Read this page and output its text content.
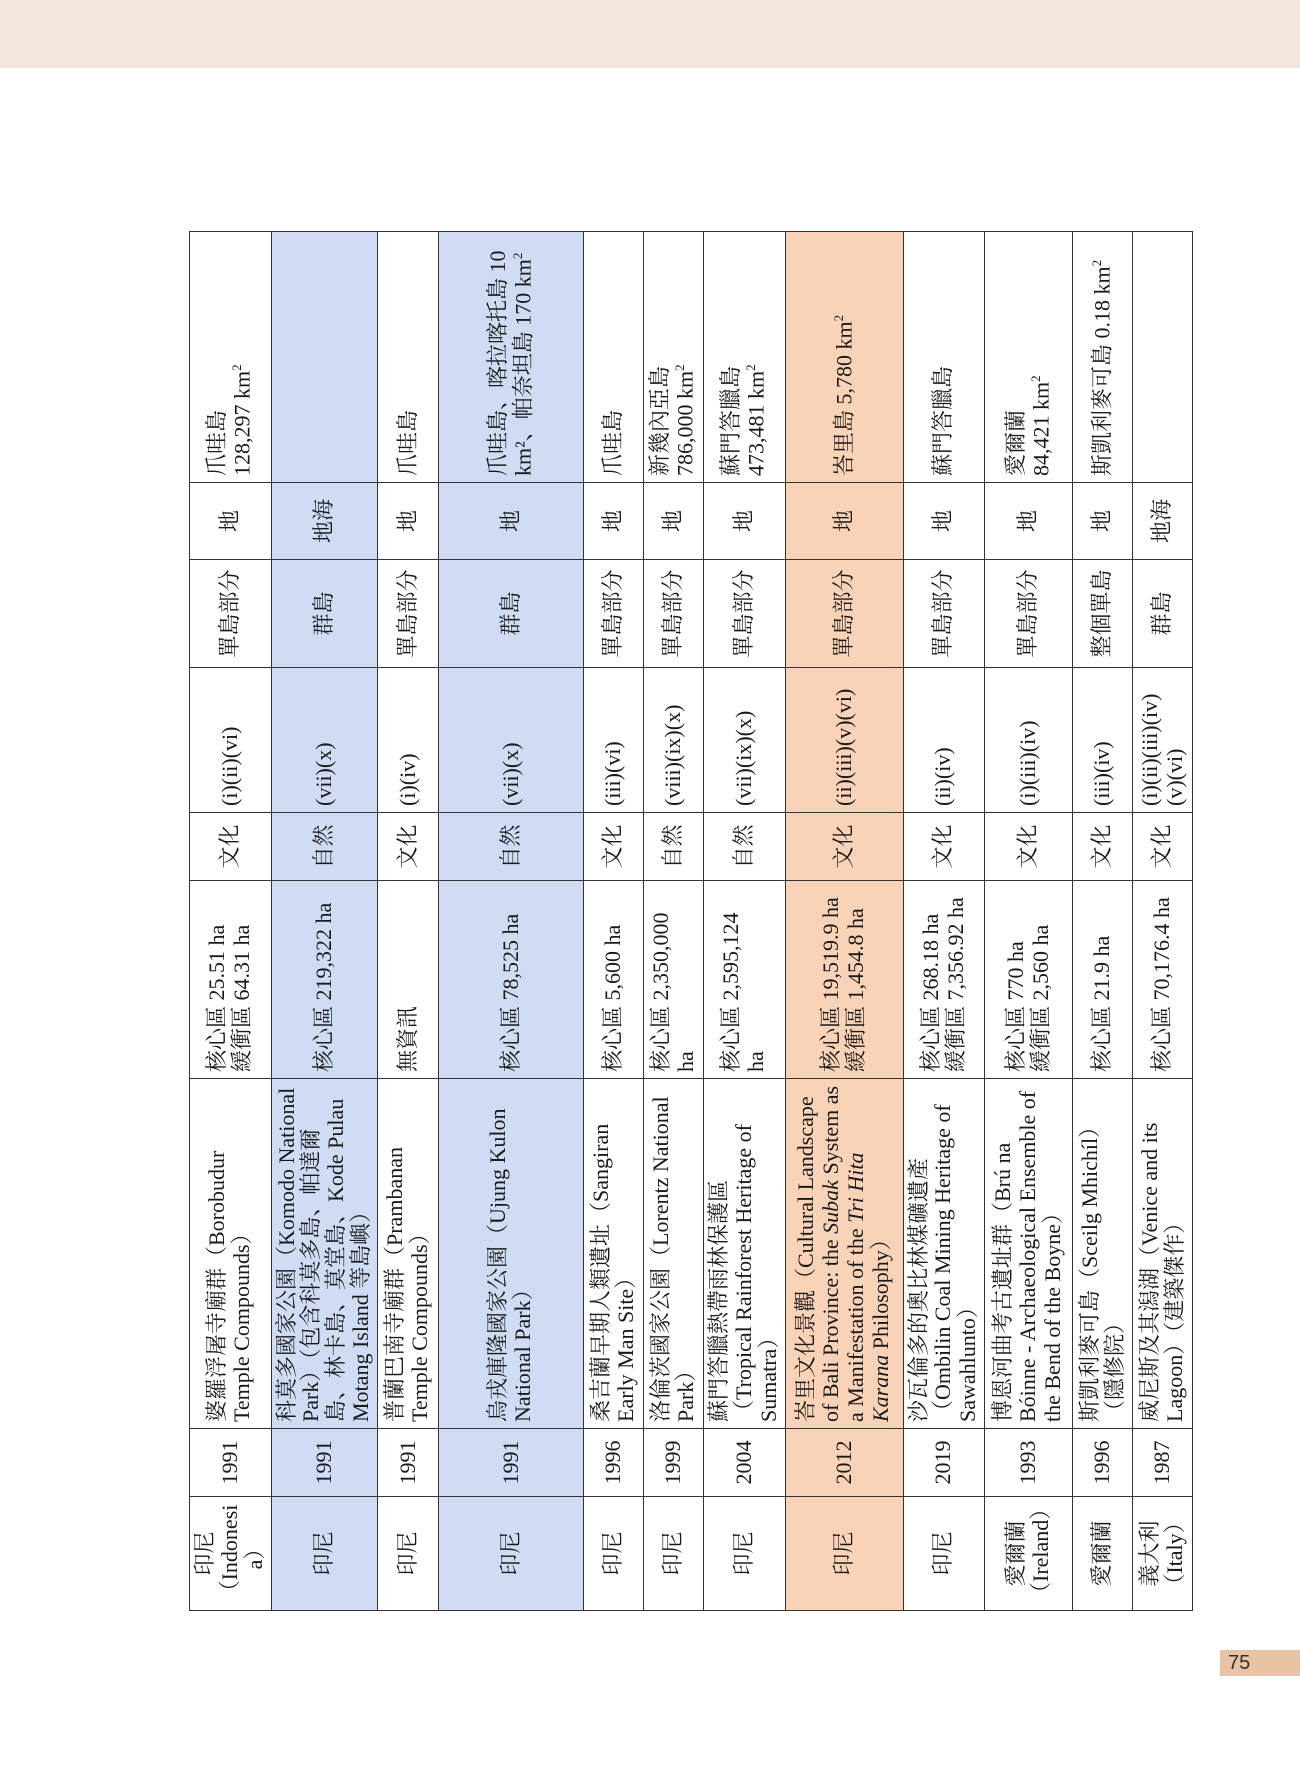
印尼 （Indonesia）	1991	婆羅浮屠寺廟群（Borobudur Temple Compounds）	核心區 25.51 ha 緩衝區 64.31 ha	文化	(i)(ii)(vi)	單島部分	地	爪哇島 128,297 $km^2$

印尼	1991	科莫多國家公園（Komodo National Park）（包含科莫多島、帕達爾島、林卡島、莫堂島、Kode Pulau Motang Island 等島嶼）	核心區 219,322 ha	自然	(vii)(x)	群島	地海	

印尼	1991	普蘭巴南寺廟群（Prambanan Temple Compounds）	無資訊	文化	(i)(iv)	單島部分	地	爪哇島

印尼	1991	烏戎庫隆國家公園（Ujung Kulon National Park）	核心區 78,525 ha	自然	(vii)(x)	群島	地	爪哇島、喀拉喀托島 10 km²、帕奈坦島 170 $km^2$

印尼	1996	桑吉蘭早期人類遺址（Sangiran Early Man Site）	核心區 5,600 ha	文化	(iii)(vi)	單島部分	地	爪哇島

印尼	1999	洛倫茨國家公園（Lorentz National Park）	核心區 2,350,000 ha	自然	(viii)(ix)(x)	單島部分	地	新幾內亞島 786,000 $km^2$

印尼	2004	蘇門答臘熱帶雨林保護區（Tropical Rainforest Heritage of Sumatra）	核心區 2,595,124 ha	自然	(vii)(ix)(x)	單島部分	地	蘇門答臘島 473,481 $km^2$

印尼	2012	峇里文化景觀（Cultural Landscape of Bali Province: the Subak System as a Manifestation of the Tri Hita Karana Philosophy）	核心區 19,519.9 ha 緩衝區 1,454.8 ha	文化	(ii)(iii)(v)(vi)	單島部分	地	峇里島 5,780 $km^2$

印尼	2019	沙瓦倫多的奧比林煤礦遺產（Ombilin Coal Mining Heritage of Sawahlunto）	核心區 268.18 ha 緩衝區 7,356.92 ha	文化	(ii)(iv)	單島部分	地	蘇門答臘島

愛爾蘭 （Ireland）	1993	博恩河曲考古遺址群（Brú na Bóinne - Archaeological Ensemble of the Bend of the Boyne）	核心區 770 ha 緩衝區 2,560 ha	文化	(i)(iii)(iv)	單島部分	地	愛爾蘭 84,421 $km^2$

愛爾蘭	1996	斯凱利麥可島（Sceilg Mhichíl）（隱修院）	核心區 21.9 ha	文化	(iii)(iv)	整個單島	地	斯凱利麥可島 0.18 $km^2$

義大利（Italy）	1987	威尼斯及其潟湖（Venice and its Lagoon）（建築傑作）	核心區 70,176.4 ha	文化	(i)(ii)(iii)(iv)(v)(vi)	群島	地海	
75
